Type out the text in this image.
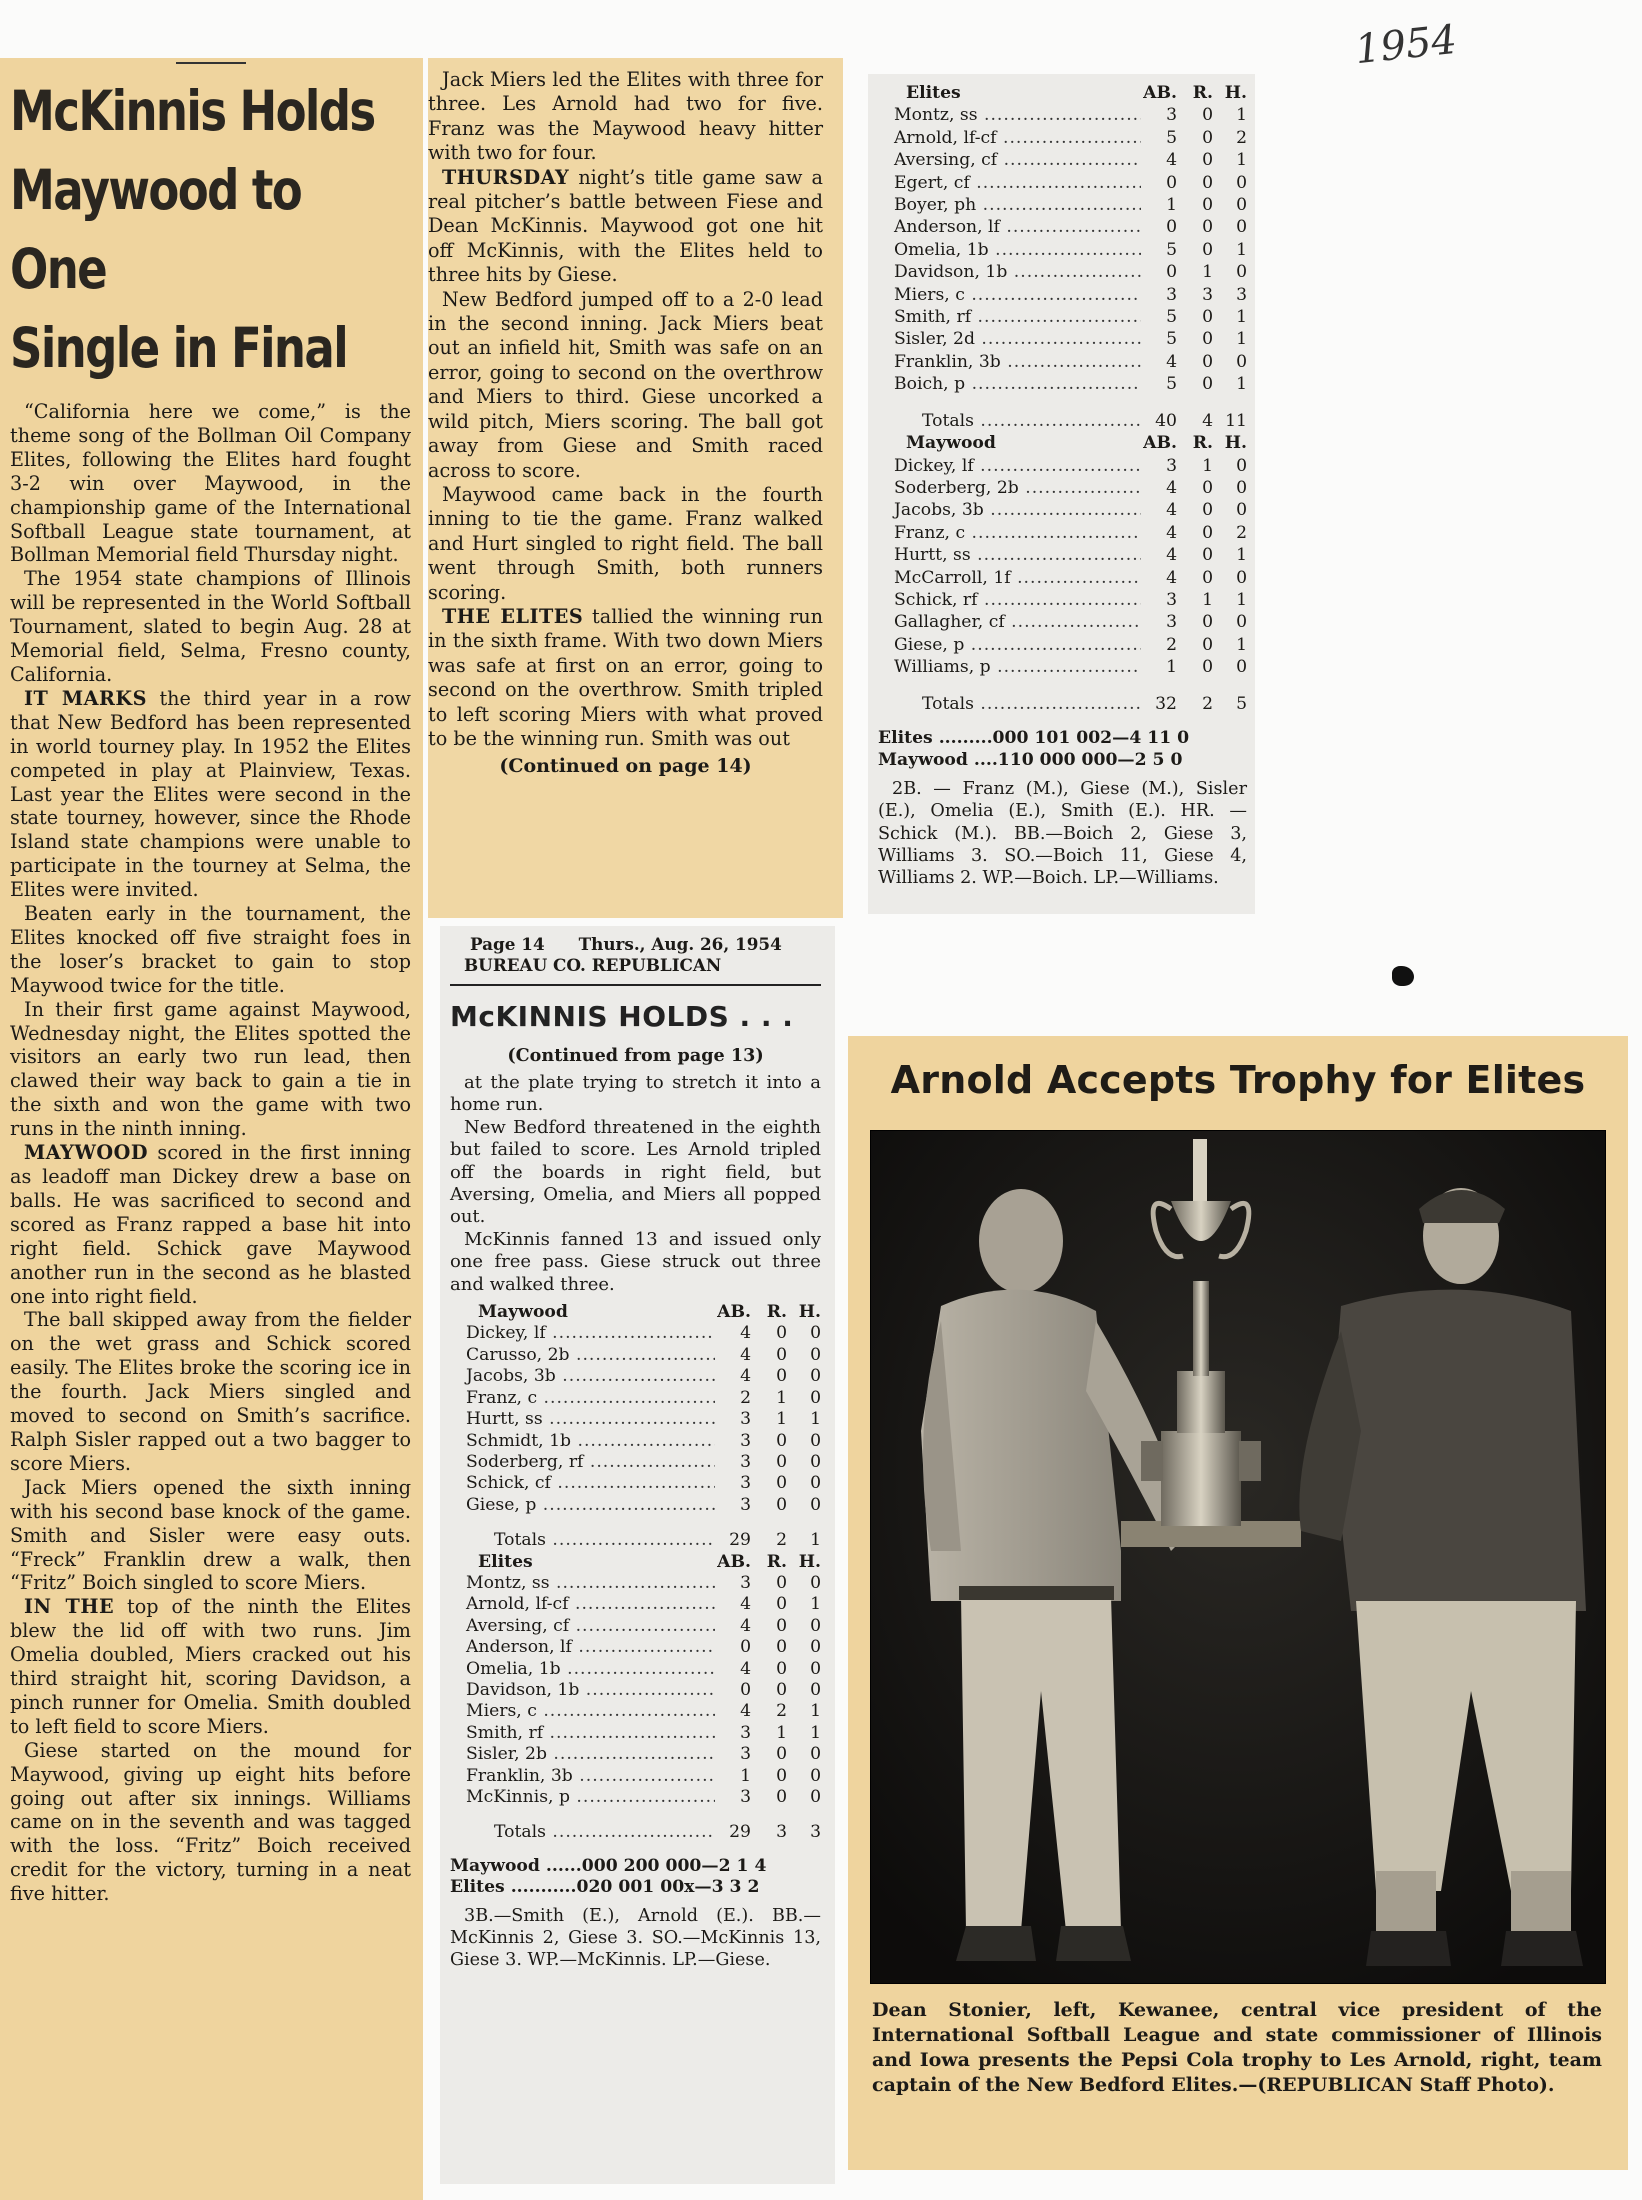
1954
McKinnis Holds
Maywood to One
Single in Final

“California here we come,” is the theme song of the Bollman Oil Company Elites, following the Elites hard fought 3-2 win over Maywood, in the championship game of the International Softball League state tournament, at Bollman Memorial field Thursday night.

The 1954 state champions of Illinois will be represented in the World Softball Tournament, slated to begin Aug. 28 at Memorial field, Selma, Fresno county, California.

IT MARKS the third year in a row that New Bedford has been represented in world tourney play. In 1952 the Elites competed in play at Plainview, Texas. Last year the Elites were second in the state tourney, however, since the Rhode Island state champions were unable to participate in the tourney at Selma, the Elites were invited.

Beaten early in the tournament, the Elites knocked off five straight foes in the loser’s bracket to gain to stop Maywood twice for the title.

In their first game against Maywood, Wednesday night, the Elites spotted the visitors an early two run lead, then clawed their way back to gain a tie in the sixth and won the game with two runs in the ninth inning.

MAYWOOD scored in the first inning as leadoff man Dickey drew a base on balls. He was sacrificed to second and scored as Franz rapped a base hit into right field. Schick gave Maywood another run in the second as he blasted one into right field.

The ball skipped away from the fielder on the wet grass and Schick scored easily. The Elites broke the scoring ice in the fourth. Jack Miers singled and moved to second on Smith’s sacrifice. Ralph Sisler rapped out a two bagger to score Miers.

Jack Miers opened the sixth inning with his second base knock of the game. Smith and Sisler were easy outs. “Freck” Franklin drew a walk, then “Fritz” Boich singled to score Miers.

IN THE top of the ninth the Elites blew the lid off with two runs. Jim Omelia doubled, Miers cracked out his third straight hit, scoring Davidson, a pinch runner for Omelia. Smith doubled to left field to score Miers.

Giese started on the mound for Maywood, giving up eight hits before going out after six innings. Williams came on in the seventh and was tagged with the loss. “Fritz” Boich received credit for the victory, turning in a neat five hitter.

Jack Miers led the Elites with three for three. Les Arnold had two for five. Franz was the Maywood heavy hitter with two for four.

THURSDAY night’s title game saw a real pitcher’s battle between Fiese and Dean McKinnis. Maywood got one hit off McKinnis, with the Elites held to three hits by Giese.

New Bedford jumped off to a 2-0 lead in the second inning. Jack Miers beat out an infield hit, Smith was safe on an error, going to second on the overthrow and Miers to third. Giese uncorked a wild pitch, Miers scoring. The ball got away from Giese and Smith raced across to score.

Maywood came back in the fourth inning to tie the game. Franz walked and Hurt singled to right field. The ball went through Smith, both runners scoring.

THE ELITES tallied the winning run in the sixth frame. With two down Miers was safe at first on an error, going to second on the overthrow. Smith tripled to left scoring Miers with what proved to be the winning run. Smith was out

(Continued on page 14)
Elites	AB. R. H.
Montz, ss .....	3	0	1
Arnold, lf-cf .....	5	0	2
Aversing, cf .....	4	0	1
Egert, cf .....	0	0	0
Boyer, ph .....	1	0	0
Anderson, lf .....	0	0	0
Omelia, 1b .....	5	0	1
Davidson, 1b .....	0	1	0
Miers, c .....	3	3	3
Smith, rf .....	5	0	1
Sisler, 2d .....	5	0	1
Franklin, 3b .....	4	0	0
Boich, p .....	5	0	1
Totals .....	40	4 11
Maywood	AB. R. H.
Dickey, lf .....	3	1	0
Soderberg, 2b .....	4	0	0
Jacobs, 3b .....	4	0	0
Franz, c .....	4	0	2
Hurtt, ss .....	4	0	1
McCarroll, 1f .....	4	0	0
Schick, rf .....	3	1	1
Gallagher, cf .....	3	0	0
Giese, p .....	2	0	1
Williams, p .....	1	0	0
Totals .....	32	2	5
Elites .........000 101 002—4 11 0
Maywood ....110 000 000—2 5 0

2B. — Franz (M.), Giese (M.), Sisler (E.), Omelia (E.), Smith (E.). HR. — Schick (M.). BB.—Boich 2, Giese 3, Williams 3. SO.—Boich 11, Giese 4, Williams 2. WP.—Boich. LP.—Williams.

Page 14 Thurs., Aug. 26, 1954
BUREAU CO. REPUBLICAN
McKINNIS HOLDS . . .
(Continued from page 13)

at the plate trying to stretch it into a home run.

New Bedford threatened in the eighth but failed to score. Les Arnold tripled off the boards in right field, but Aversing, Omelia, and Miers all popped out.

McKinnis fanned 13 and issued only one free pass. Giese struck out three and walked three.

Maywood	AB. R. H.
Dickey, lf .....	4	0	0
Carusso, 2b .....	4	0	0
Jacobs, 3b .....	4	0	0
Franz, c .....	2	1	0
Hurtt, ss .....	3	1	1
Schmidt, 1b .....	3	0	0
Soderberg, rf .....	3	0	0
Schick, cf .....	3	0	0
Giese, p .....	3	0	0
Totals .....	29	2	1
Elites	AB. R. H.
Montz, ss .....	3	0	0
Arnold, lf-cf .....	4	0	1
Aversing, cf .....	4	0	0
Anderson, lf .....	0	0	0
Omelia, 1b .....	4	0	0
Davidson, 1b .....	0	0	0
Miers, c .....	4	2	1
Smith, rf .....	3	1	1
Sisler, 2b .....	3	0	0
Franklin, 3b .....	1	0	0
McKinnis, p .....	3	0	0
Totals .....	29	3	3
Maywood ......000 200 000—2 1 4
Elites ...........020 001 00x—3 3 2

3B.—Smith (E.), Arnold (E.). BB.—McKinnis 2, Giese 3. SO.—McKinnis 13, Giese 3. WP.—McKinnis. LP.—Giese.

Arnold Accepts Trophy for Elites
Dean Stonier, left, Kewanee, central vice president of the International Softball League and state commissioner of Illinois and Iowa presents the Pepsi Cola trophy to Les Arnold, right, team captain of the New Bedford Elites.—(REPUBLICAN Staff Photo).
